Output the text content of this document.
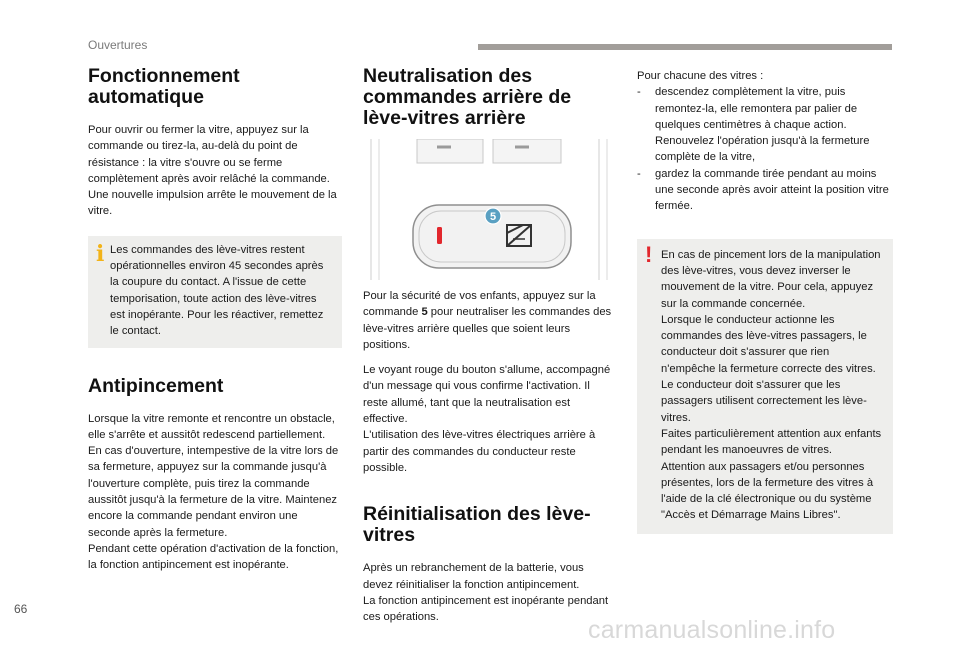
Ouvertures
Fonctionnement automatique

Pour ouvrir ou fermer la vitre, appuyez sur la commande ou tirez-la, au-delà du point de résistance : la vitre s'ouvre ou se ferme complètement après avoir relâché la commande. Une nouvelle impulsion arrête le mouvement de la vitre.

i Les commandes des lève-vitres restent opérationnelles environ 45 secondes après la coupure du contact. A l'issue de cette temporisation, toute action des lève-vitres est inopérante. Pour les réactiver, remettez le contact.

Antipincement

Lorsque la vitre remonte et rencontre un obstacle, elle s'arrête et aussitôt redescend partiellement.

En cas d'ouverture, intempestive de la vitre lors de sa fermeture, appuyez sur la commande jusqu'à l'ouverture complète, puis tirez la commande aussitôt jusqu'à la fermeture de la vitre. Maintenez encore la commande pendant environ une seconde après la fermeture.

Pendant cette opération d'activation de la fonction, la fonction antipincement est inopérante.

Neutralisation des commandes arrière de lève-vitres arrière
5

Pour la sécurité de vos enfants, appuyez sur la commande 5 pour neutraliser les commandes des lève-vitres arrière quelles que soient leurs positions.

Le voyant rouge du bouton s'allume, accompagné d'un message qui vous confirme l'activation. Il reste allumé, tant que la neutralisation est effective.

L'utilisation des lève-vitres électriques arrière à partir des commandes du conducteur reste possible.

Réinitialisation des lève-vitres

Après un rebranchement de la batterie, vous devez réinitialiser la fonction antipincement.

La fonction antipincement est inopérante pendant ces opérations.

Pour chacune des vitres :

- descendez complètement la vitre, puis remontez-la, elle remontera par palier de quelques centimètres à chaque action. Renouvelez l'opération jusqu'à la fermeture complète de la vitre,
- gardez la commande tirée pendant au moins une seconde après avoir atteint la position vitre fermée.
! En cas de pincement lors de la manipulation des lève-vitres, vous devez inverser le mouvement de la vitre. Pour cela, appuyez sur la commande concernée.

Lorsque le conducteur actionne les commandes des lève-vitres passagers, le conducteur doit s'assurer que rien n'empêche la fermeture correcte des vitres.

Le conducteur doit s'assurer que les passagers utilisent correctement les lève-vitres.

Faites particulièrement attention aux enfants pendant les manoeuvres de vitres.

Attention aux passagers et/ou personnes présentes, lors de la fermeture des vitres à l'aide de la clé électronique ou du système "Accès et Démarrage Mains Libres".

66
carmanualsonline.info
